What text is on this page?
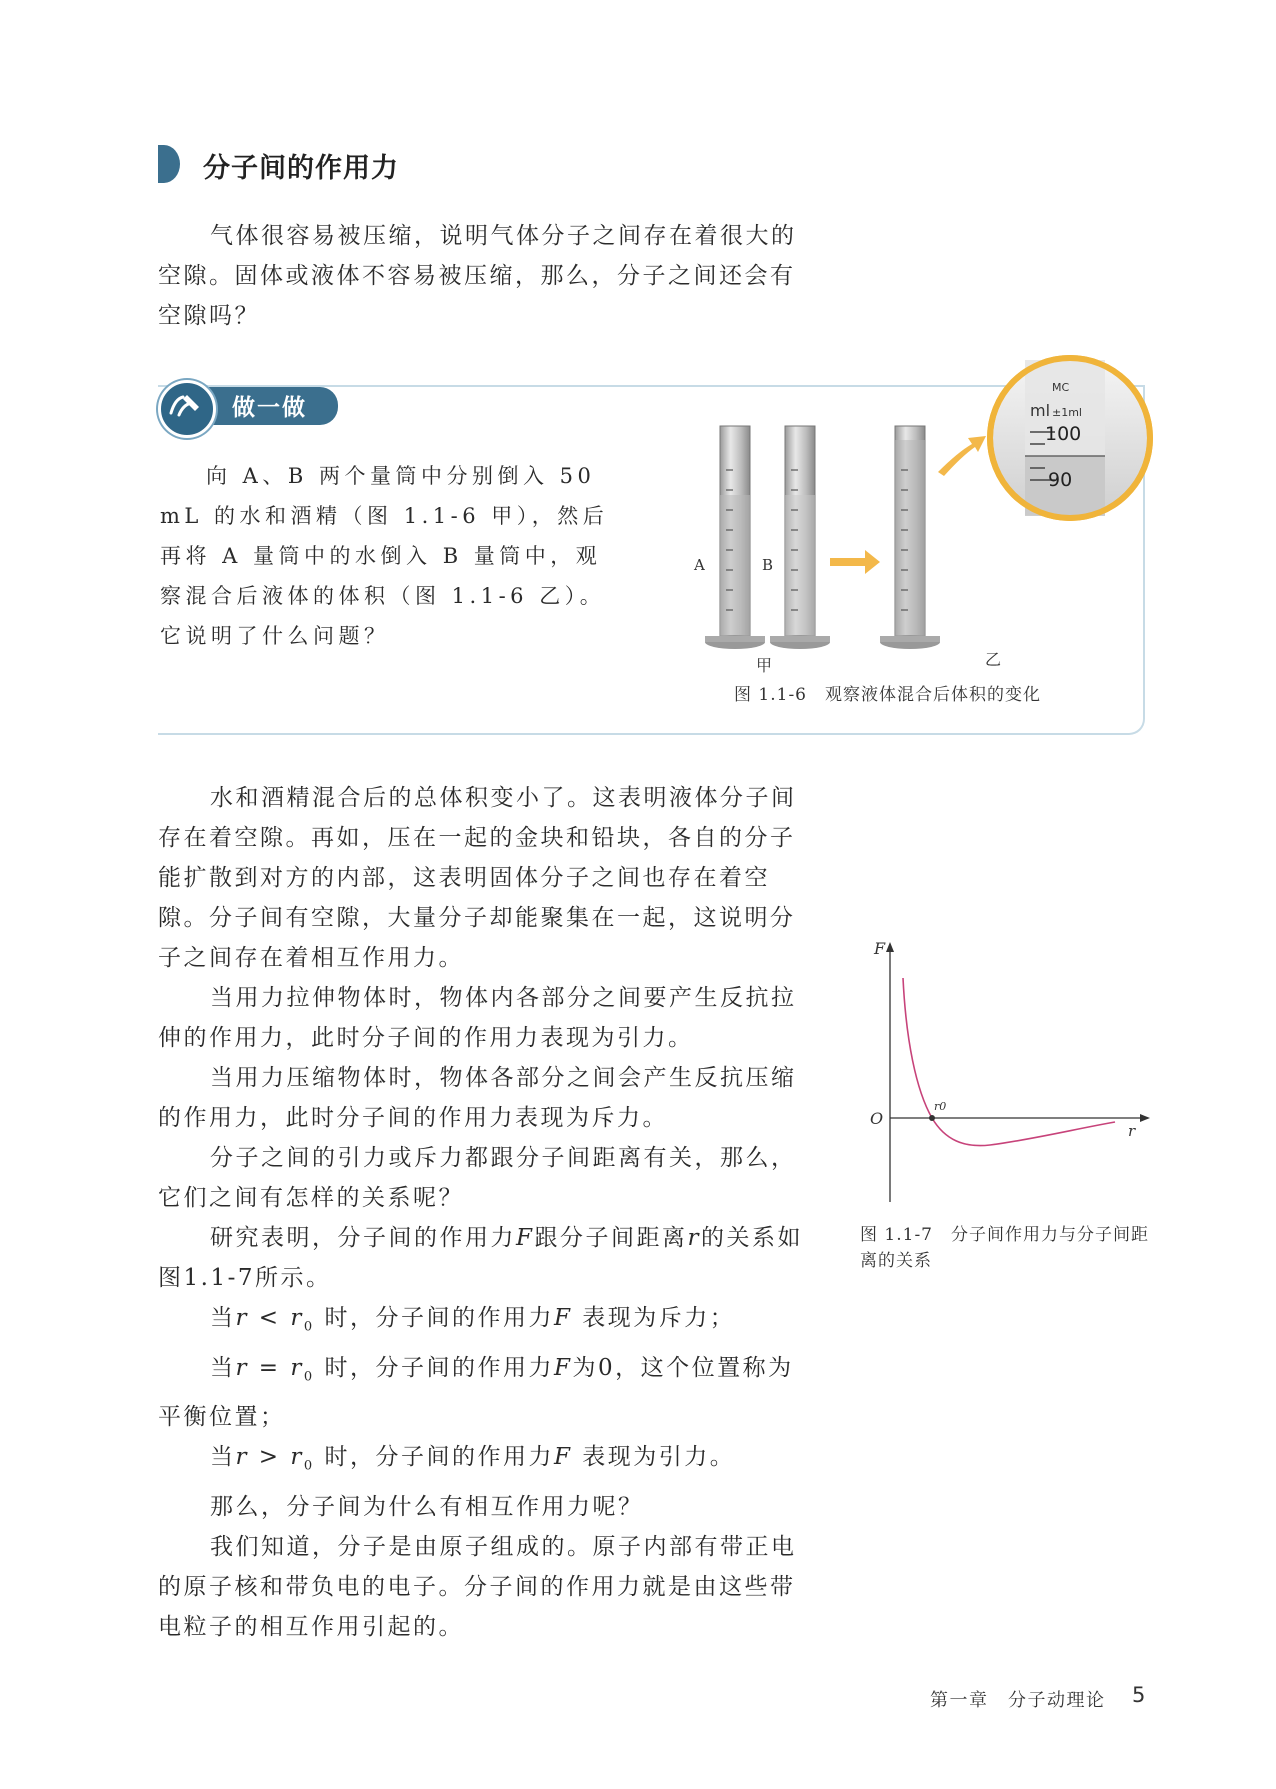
分子间的作用力

气体很容易被压缩，说明气体分子之间存在着很大的空隙。固体或液体不容易被压缩，那么，分子之间还会有空隙吗？

做一做

向 A、B 两个量筒中分别倒入 50 mL 的水和酒精（图 1.1-6 甲），然后再将 A 量筒中的水倒入 B 量筒中，观察混合后液体的体积（图 1.1-6 乙）。它说明了什么问题？

MC
ml ±1ml
100
90
A	B
甲	乙
图 1.1-6　观察液体混合后体积的变化

水和酒精混合后的总体积变小了。这表明液体分子间存在着空隙。再如，压在一起的金块和铅块，各自的分子能扩散到对方的内部，这表明固体分子之间也存在着空隙。分子间有空隙，大量分子却能聚集在一起，这说明分子之间存在着相互作用力。

当用力拉伸物体时，物体内各部分之间要产生反抗拉伸的作用力，此时分子间的作用力表现为引力。

当用力压缩物体时，物体各部分之间会产生反抗压缩的作用力，此时分子间的作用力表现为斥力。

分子之间的引力或斥力都跟分子间距离有关，那么，它们之间有怎样的关系呢？

研究表明，分子间的作用力F跟分子间距离r的关系如图1.1-7所示。

当$r < r_0$ 时，分子间的作用力F 表现为斥力；

当$r = r_0$ 时，分子间的作用力F为0，这个位置称为平衡位置；

当$r > r_0$ 时，分子间的作用力F 表现为引力。

那么，分子间为什么有相互作用力呢？

我们知道，分子是由原子组成的。原子内部有带正电的原子核和带负电的电子。分子间的作用力就是由这些带电粒子的相互作用引起的。

F
r
O
r0
图 1.1-7　分子间作用力与分子间距离的关系
第一章　分子动理论 5
